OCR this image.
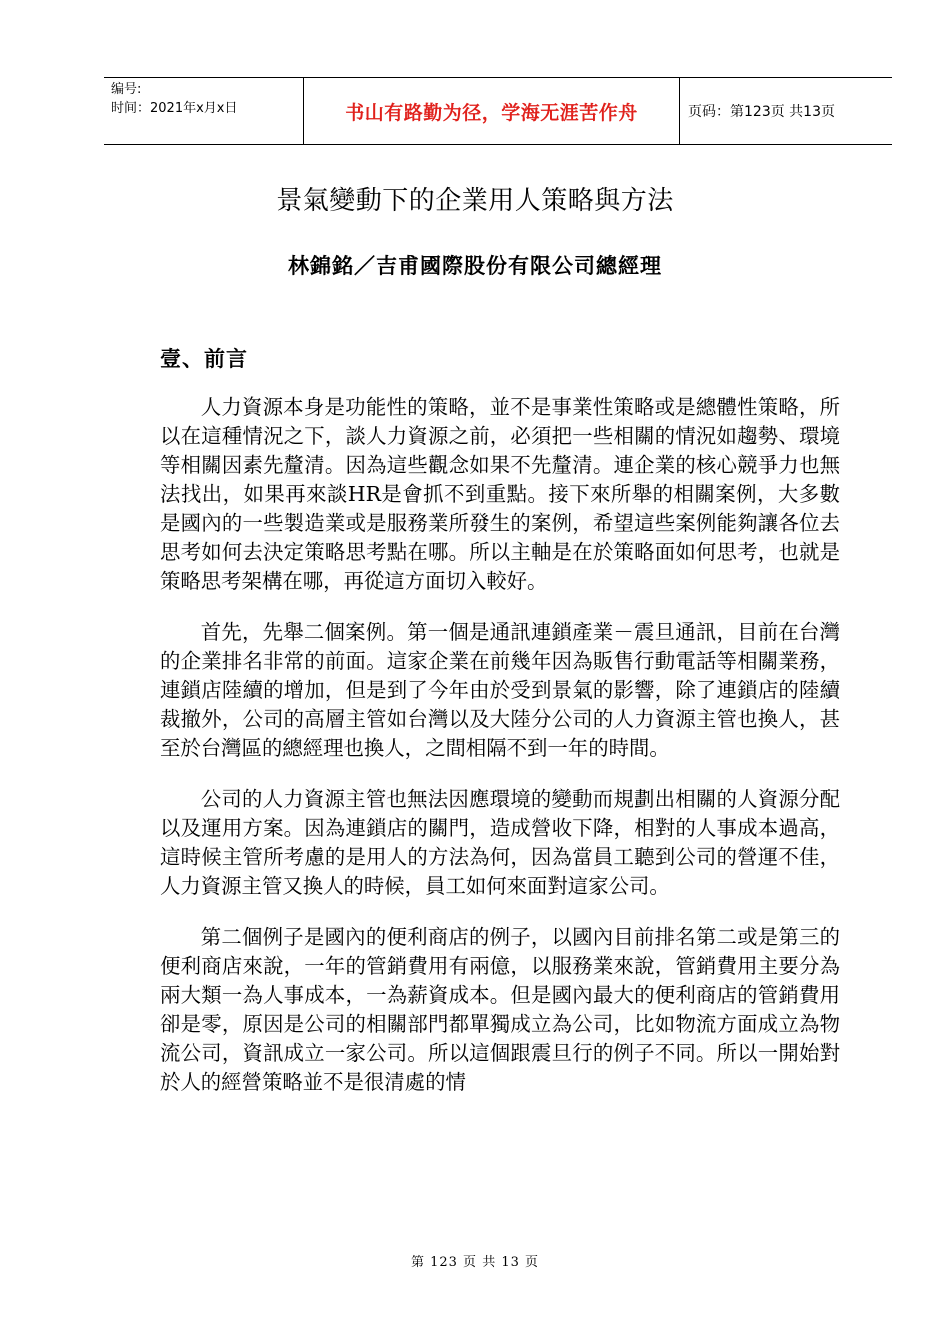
编号:
时间：2021年x月x日	书山有路勤为径，学海无涯苦作舟	页码：第123页 共13页
景氣變動下的企業用人策略與方法
林錦銘／吉甫國際股份有限公司總經理
壹、前言

人力資源本身是功能性的策略，並不是事業性策略或是總體性策略，所以在這種情況之下，談人力資源之前，必須把一些相關的情況如趨勢、環境等相關因素先釐清。因為這些觀念如果不先釐清。連企業的核心競爭力也無法找出，如果再來談HR是會抓不到重點。接下來所舉的相關案例，大多數是國內的一些製造業或是服務業所發生的案例，希望這些案例能夠讓各位去思考如何去決定策略思考點在哪。所以主軸是在於策略面如何思考，也就是策略思考架構在哪，再從這方面切入較好。

首先，先舉二個案例。第一個是通訊連鎖產業－震旦通訊，目前在台灣的企業排名非常的前面。這家企業在前幾年因為販售行動電話等相關業務，連鎖店陸續的增加，但是到了今年由於受到景氣的影響，除了連鎖店的陸續裁撤外，公司的高層主管如台灣以及大陸分公司的人力資源主管也換人，甚至於台灣區的總經理也換人，之間相隔不到一年的時間。

公司的人力資源主管也無法因應環境的變動而規劃出相關的人資源分配以及運用方案。因為連鎖店的關門，造成營收下降，相對的人事成本過高，這時候主管所考慮的是用人的方法為何，因為當員工聽到公司的營運不佳，人力資源主管又換人的時候，員工如何來面對這家公司。

第二個例子是國內的便利商店的例子，以國內目前排名第二或是第三的便利商店來說，一年的管銷費用有兩億，以服務業來說，管銷費用主要分為兩大類一為人事成本，一為薪資成本。但是國內最大的便利商店的管銷費用卻是零，原因是公司的相關部門都單獨成立為公司，比如物流方面成立為物流公司，資訊成立一家公司。所以這個跟震旦行的例子不同。所以一開始對於人的經營策略並不是很清處的情

第 123 页 共 13 页
